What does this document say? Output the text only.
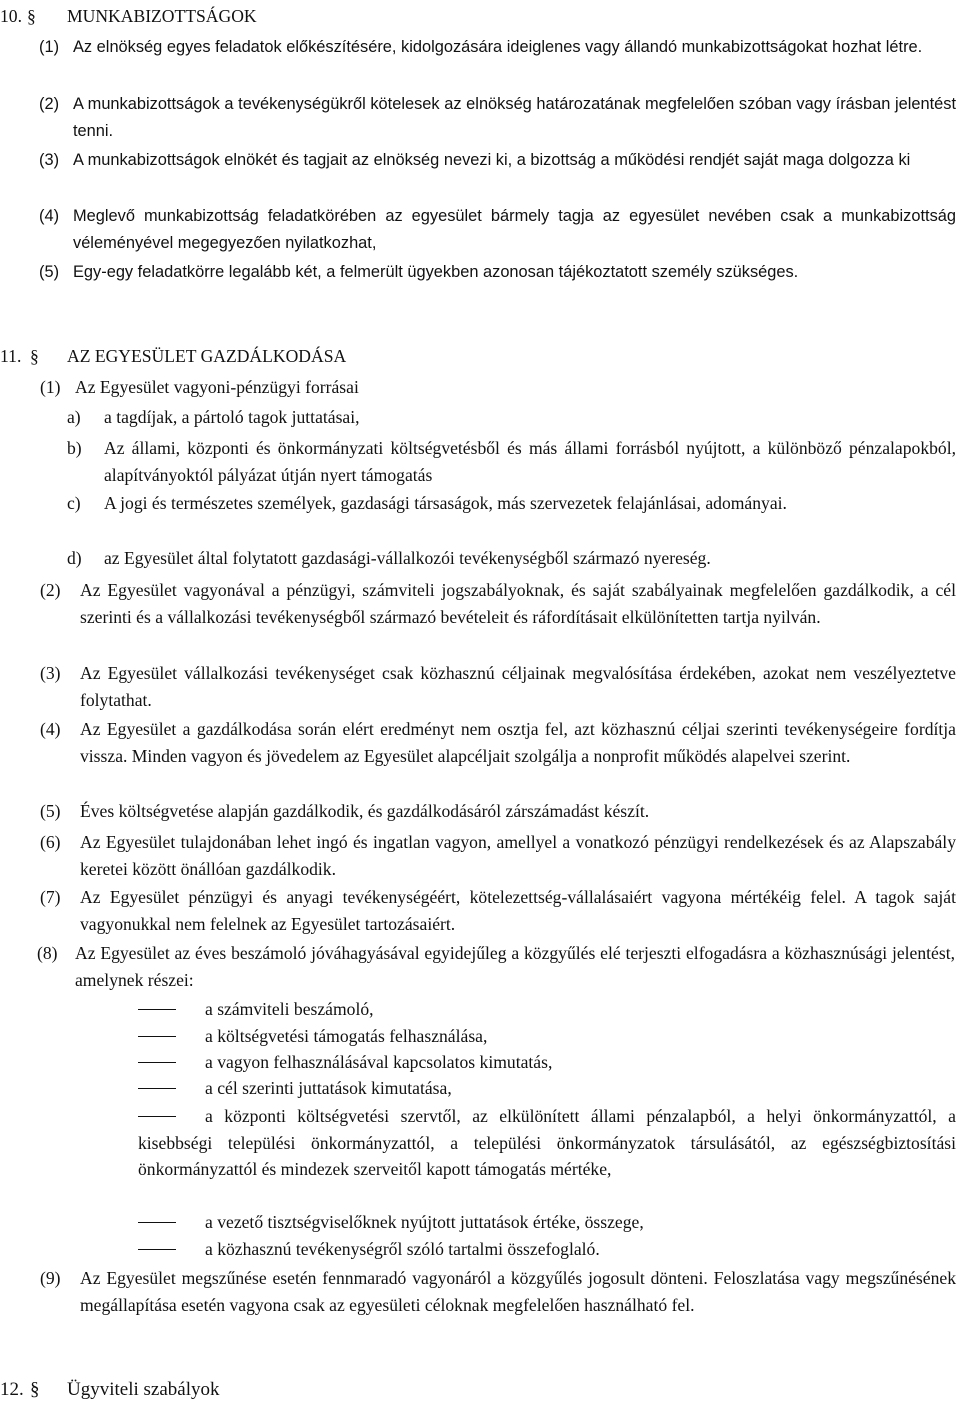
10. § MUNKABIZOTTSÁGOK
(1) Az elnökség egyes feladatok előkészítésére, kidolgozására ideiglenes vagy állandó munkabizottságokat hozhat létre.
(2) A munkabizottságok a tevékenységükről kötelesek az elnökség határozatának megfelelően szóban vagy írásban jelentést tenni.
(3) A munkabizottságok elnökét és tagjait az elnökség nevezi ki, a bizottság a működési rendjét saját maga dolgozza ki
(4) Meglevő munkabizottság feladatkörében az egyesület bármely tagja az egyesület nevében csak a munkabizottság véleményével megegyezően nyilatkozhat,
(5) Egy-egy feladatkörre legalább két, a felmerült ügyekben azonosan tájékoztatott személy szükséges.
11. § AZ EGYESÜLET GAZDÁLKODÁSA
(1) Az Egyesület vagyoni-pénzügyi forrásai
a) a tagdíjak, a pártoló tagok juttatásai,
b) Az állami, központi és önkormányzati költségvetésből és más állami forrásból nyújtott, a különböző pénzalapokból, alapítványoktól pályázat útján nyert támogatás
c) A jogi és természetes személyek, gazdasági társaságok, más szervezetek felajánlásai, adományai.
d) az Egyesület által folytatott gazdasági-vállalkozói tevékenységből származó nyereség.
(2) Az Egyesület vagyonával a pénzügyi, számviteli jogszabályoknak, és saját szabályainak megfelelően gazdálkodik, a cél szerinti és a vállalkozási tevékenységből származó bevételeit és ráfordításait elkülönítetten tartja nyilván.
(3) Az Egyesület vállalkozási tevékenységet csak közhasznú céljainak megvalósítása érdekében, azokat nem veszélyeztetve folytathat.
(4) Az Egyesület a gazdálkodása során elért eredményt nem osztja fel, azt közhasznú céljai szerinti tevékenységeire fordítja vissza. Minden vagyon és jövedelem az Egyesület alapcéljait szolgálja a nonprofit működés alapelvei szerint.
(5) Éves költségvetése alapján gazdálkodik, és gazdálkodásáról zárszámadást készít.
(6) Az Egyesület tulajdonában lehet ingó és ingatlan vagyon, amellyel a vonatkozó pénzügyi rendelkezések és az Alapszabály keretei között önállóan gazdálkodik.
(7) Az Egyesület pénzügyi és anyagi tevékenységéért, kötelezettség-vállalásaiért vagyona mértékéig felel. A tagok saját vagyonukkal nem felelnek az Egyesület tartozásaiért.
(8) Az Egyesület az éves beszámoló jóváhagyásával egyidejűleg a közgyűlés elé terjeszti elfogadásra a közhasznúsági jelentést, amelynek részei:
a számviteli beszámoló,
a költségvetési támogatás felhasználása,
a vagyon felhasználásával kapcsolatos kimutatás,
a cél szerinti juttatások kimutatása,
a központi költségvetési szervtől, az elkülönített állami pénzalapból, a helyi önkormányzattól, a kisebbségi települési önkormányzattól, a települési önkormányzatok társulásától, az egészségbiztosítási önkormányzattól és mindezek szerveitől kapott támogatás mértéke,
a vezető tisztségviselőknek nyújtott juttatások értéke, összege,
a közhasznú tevékenységről szóló tartalmi összefoglaló.
(9) Az Egyesület megszűnése esetén fennmaradó vagyonáról a közgyűlés jogosult dönteni. Feloszlatása vagy megszűnésének megállapítása esetén vagyona csak az egyesületi céloknak megfelelően használható fel.
12. § Ügyviteli szabályok
